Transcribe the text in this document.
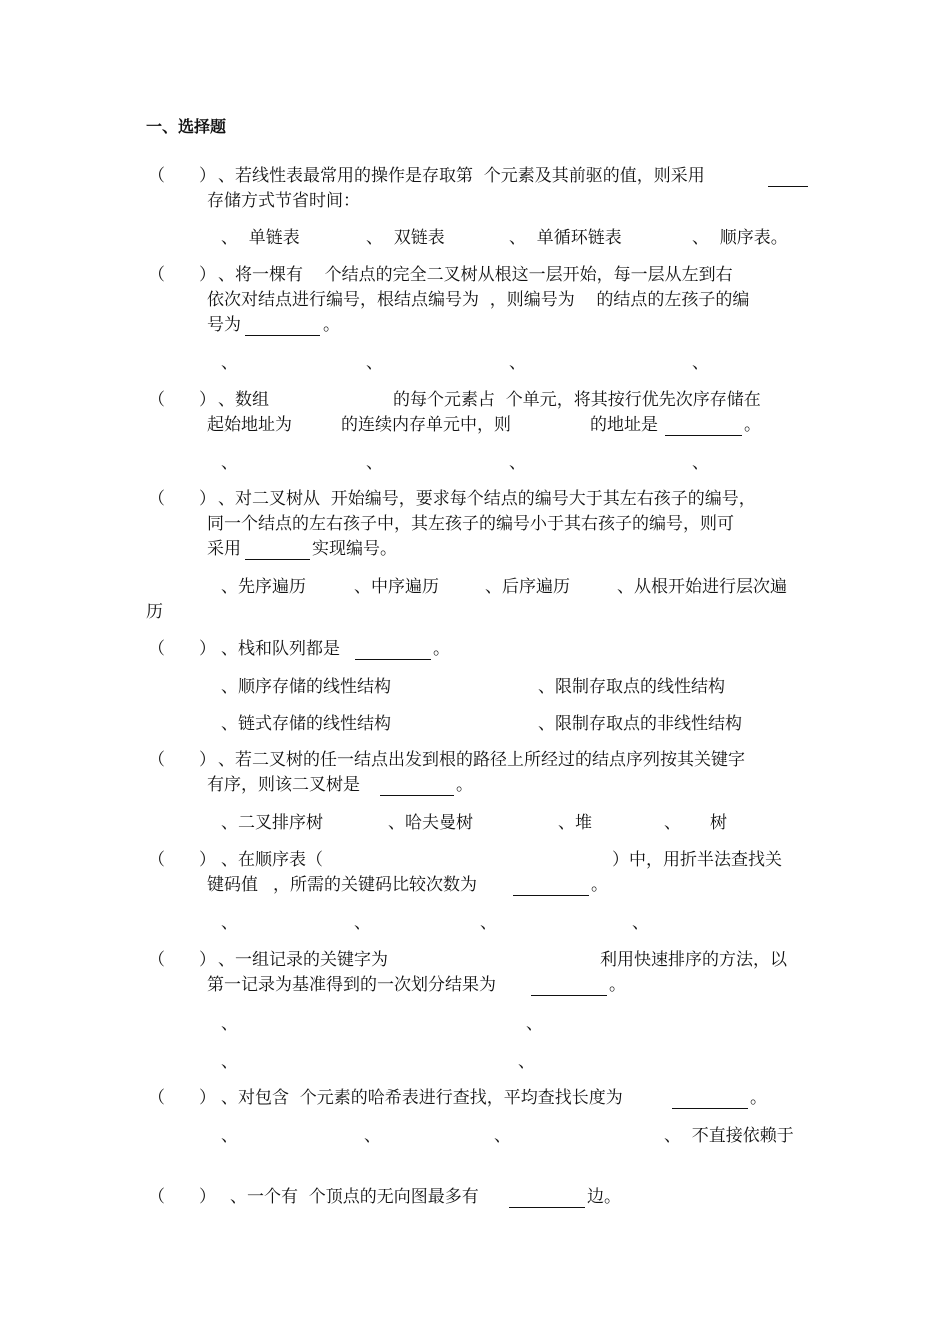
一、选择题
（　　） 、若线性表最常用的操作是存取第  个元素及其前驱的值，则采用
存储方式节省时间：
、  单链表	、  双链表	、  单循环链表	、  顺序表。
（　　） 、将一棵有    个结点的完全二叉树从根这一层开始，每一层从左到右
依次对结点进行编号，根结点编号为  ，则编号为    的结点的左孩子的编
号为	。
、	、	、	、
（　　） 、数组	的每个元素占  个单元，将其按行优先次序存储在
起始地址为	的连续内存单元中，则	的地址是	。
、	、	、	、
（　　） 、对二叉树从  开始编号，要求每个结点的编号大于其左右孩子的编号，
同一个结点的左右孩子中，其左孩子的编号小于其右孩子的编号，则可
采用	实现编号。
、先序遍历	、中序遍历	、后序遍历	、从根开始进行层次遍
历
（　　） 、栈和队列都是	。
、顺序存储的线性结构	、限制存取点的线性结构
、链式存储的线性结构	、限制存取点的非线性结构
（　　） 、若二叉树的任一结点出发到根的路径上所经过的结点序列按其关键字
有序，则该二叉树是	。
、二叉排序树	、哈夫曼树	、堆	、 树
（　　） 、在顺序表（	）中，用折半法查找关
键码值 ，所需的关键码比较次数为	。
、	、	、	、
（　　） 、一组记录的关键字为	利用快速排序的方法，以
第一记录为基准得到的一次划分结果为	。
、	、
、	、
（　　） 、对包含  个元素的哈希表进行查找，平均查找长度为	。
、	、	、	、  不直接依赖于
（　　） 、一个有  个顶点的无向图最多有	边。
